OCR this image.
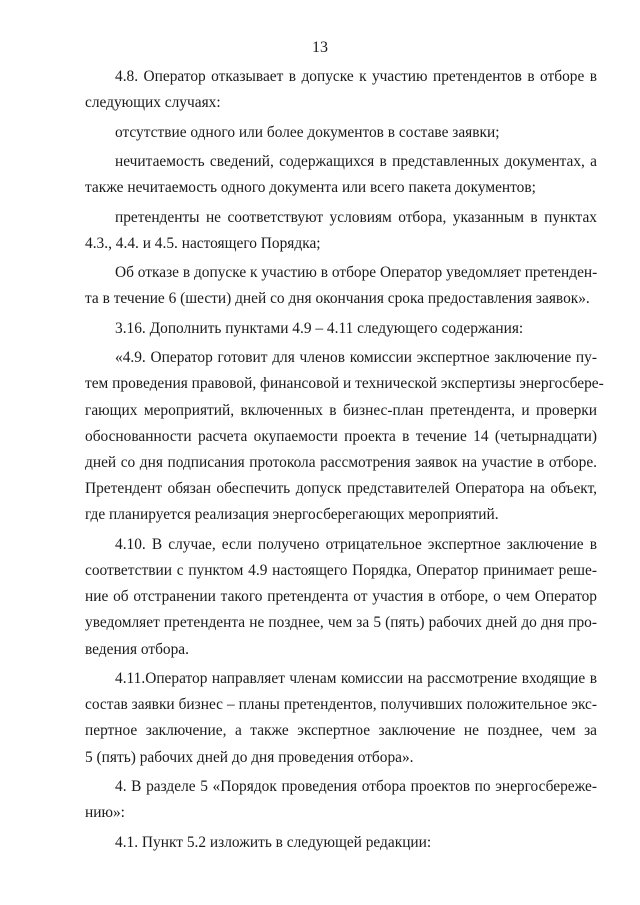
13
4.8. Оператор отказывает в допуске к участию претендентов в отборе в
следующих случаях:
отсутствие одного или более документов в составе заявки;
нечитаемость сведений, содержащихся в представленных документах, а
также нечитаемость одного документа или всего пакета документов;
претенденты не соответствуют условиям отбора, указанным в пунктах
4.3., 4.4. и 4.5. настоящего Порядка;
Об отказе в допуске к участию в отборе Оператор уведомляет претенден-
та в течение 6 (шести) дней со дня окончания срока предоставления заявок».
3.16. Дополнить пунктами 4.9 – 4.11 следующего содержания:
«4.9. Оператор готовит для членов комиссии экспертное заключение пу-
тем проведения правовой, финансовой и технической экспертизы энергосбере-
гающих мероприятий, включенных в бизнес-план претендента, и проверки
обоснованности расчета окупаемости проекта в течение 14 (четырнадцати)
дней со дня подписания протокола рассмотрения заявок на участие в отборе.
Претендент обязан обеспечить допуск представителей Оператора на объект,
где планируется реализация энергосберегающих мероприятий.
4.10. В случае, если получено отрицательное экспертное заключение в
соответствии с пунктом 4.9 настоящего Порядка, Оператор принимает реше-
ние об отстранении такого претендента от участия в отборе, о чем Оператор
уведомляет претендента не позднее, чем за 5 (пять) рабочих дней до дня про-
ведения отбора.
4.11.Оператор направляет членам комиссии на рассмотрение входящие в
состав заявки бизнес – планы претендентов, получивших положительное экс-
пертное заключение, а также экспертное заключение не позднее, чем за
5 (пять) рабочих дней до дня проведения отбора».
4. В разделе 5 «Порядок проведения отбора проектов по энергосбереже-
нию»:
4.1. Пункт 5.2 изложить в следующей редакции:
